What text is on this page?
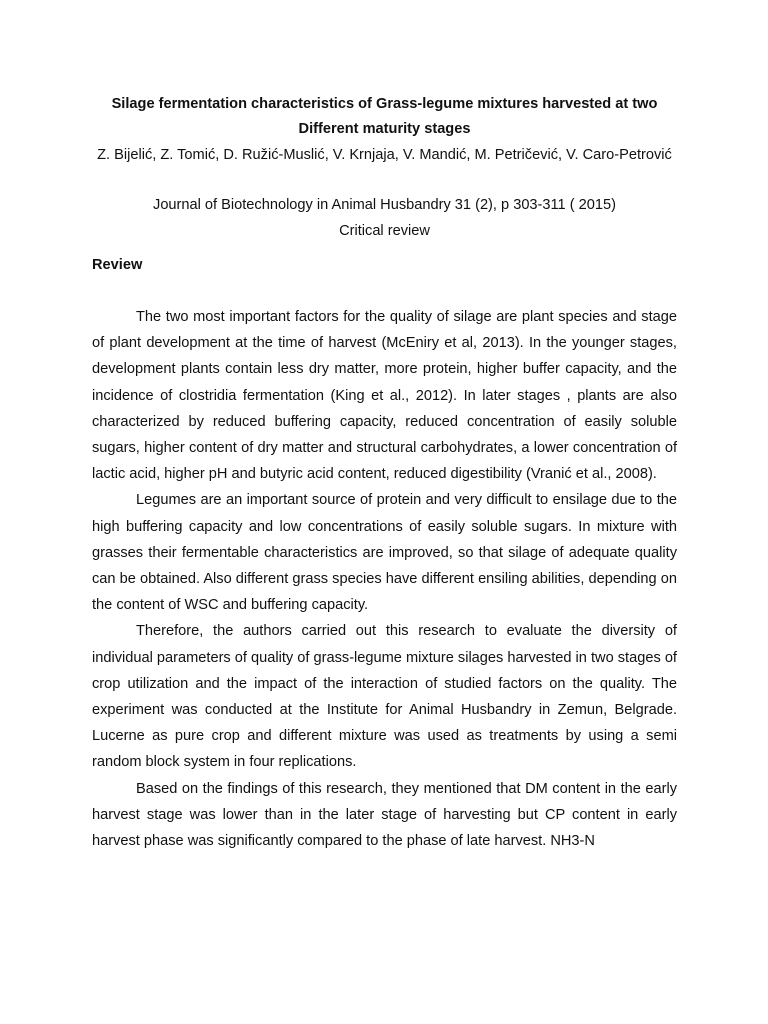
Silage fermentation characteristics of Grass-legume mixtures harvested at two Different maturity stages

Z. Bijelić, Z. Tomić, D. Ružić-Muslić, V. Krnjaja, V. Mandić, M. Petričević, V. Caro-Petrović

Journal of Biotechnology in Animal Husbandry 31 (2), p 303-311 ( 2015)

Critical review

Review

The two most important factors for the quality of silage are plant species and stage of plant development at the time of harvest (McEniry et al, 2013). In the younger stages, development plants contain less dry matter, more protein, higher buffer capacity, and the incidence of clostridia fermentation (King et al., 2012). In later stages , plants are also characterized by reduced buffering capacity, reduced concentration of easily soluble sugars, higher content of dry matter and structural carbohydrates, a lower concentration of lactic acid, higher pH and butyric acid content, reduced digestibility (Vranić et al., 2008).

Legumes are an important source of protein and very difficult to ensilage due to the high buffering capacity and low concentrations of easily soluble sugars. In mixture with grasses their fermentable characteristics are improved, so that silage of adequate quality can be obtained. Also different grass species have different ensiling abilities, depending on the content of WSC and buffering capacity.

Therefore, the authors carried out this research to evaluate the diversity of individual parameters of quality of grass-legume mixture silages harvested in two stages of crop utilization and the impact of the interaction of studied factors on the quality. The experiment was conducted at the Institute for Animal Husbandry in Zemun, Belgrade. Lucerne as pure crop and different mixture was used as treatments by using a semi random block system in four replications.

Based on the findings of this research, they mentioned that DM content in the early harvest stage was lower than in the later stage of harvesting but CP content in early harvest phase was significantly compared to the phase of late harvest. NH3-N
